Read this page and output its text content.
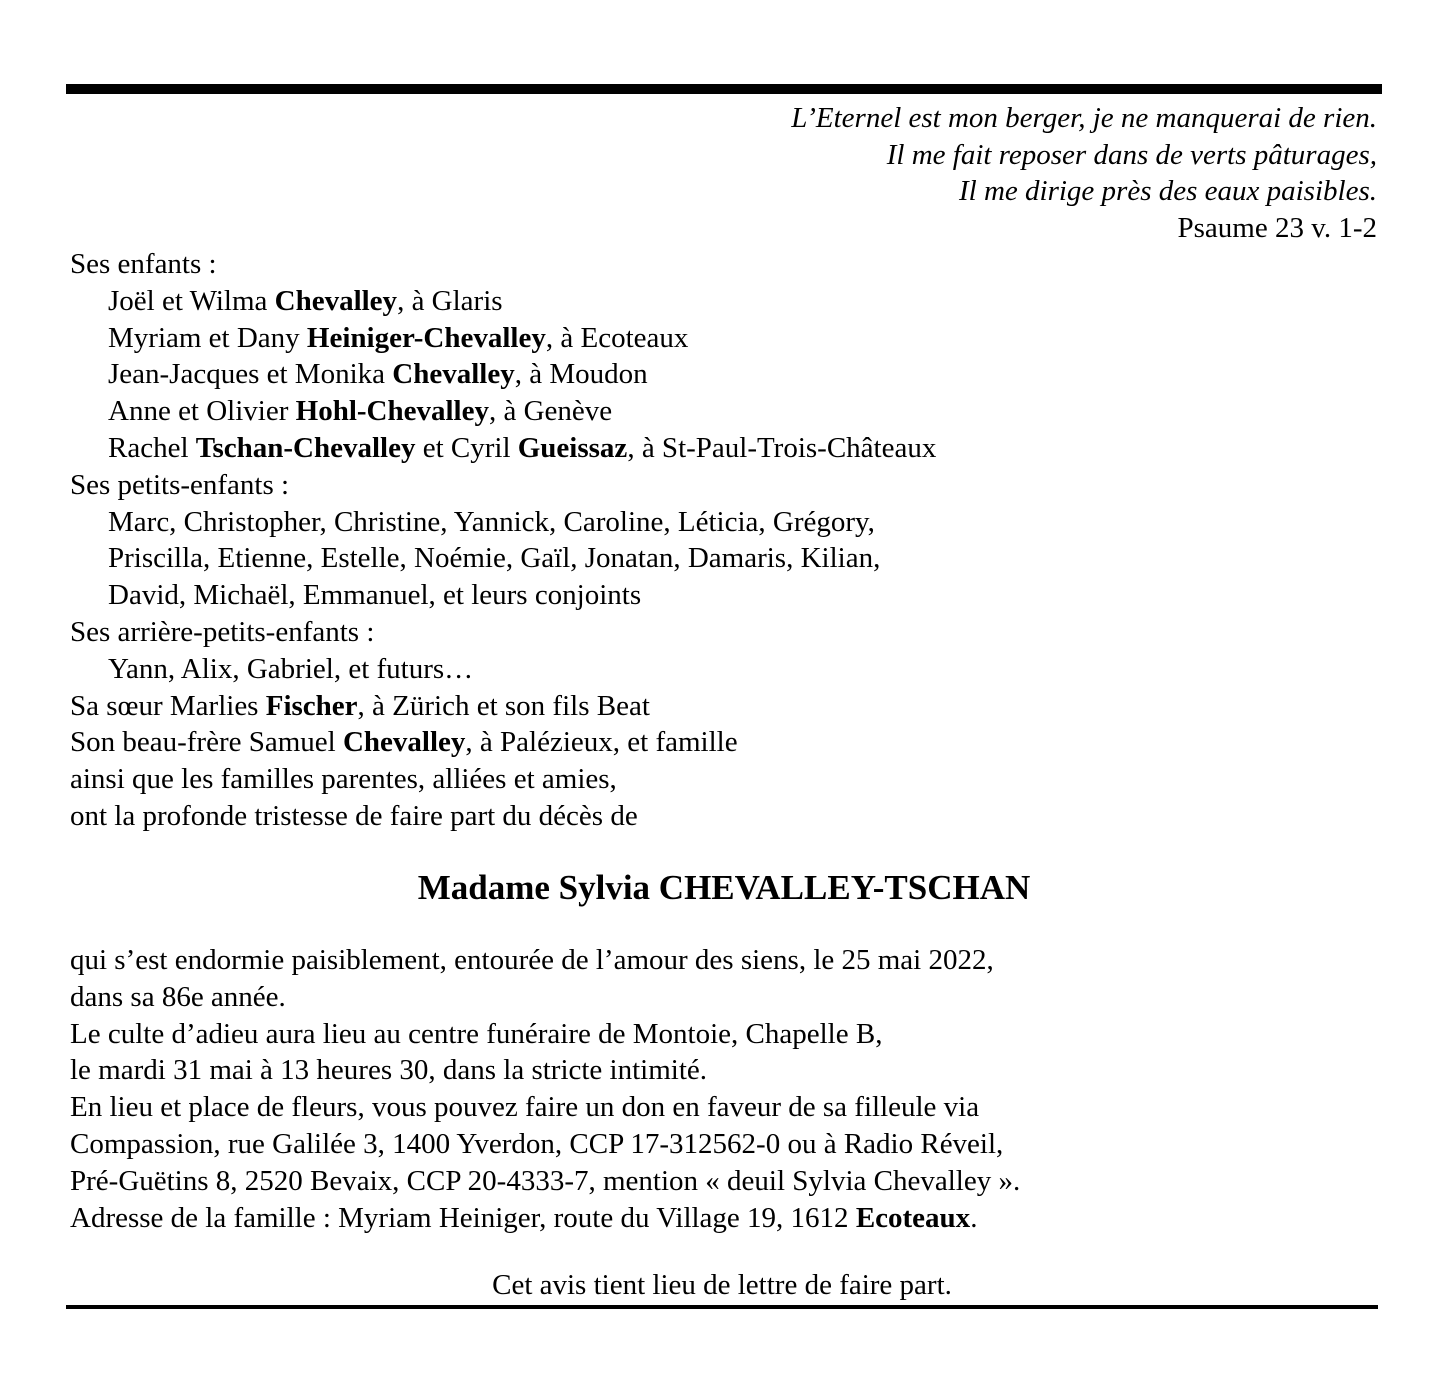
L’Eternel est mon berger, je ne manquerai de rien.
Il me fait reposer dans de verts pâturages,
Il me dirige près des eaux paisibles.
Psaume 23 v. 1-2
Ses enfants :
Joël et Wilma Chevalley, à Glaris
Myriam et Dany Heiniger-Chevalley, à Ecoteaux
Jean-Jacques et Monika Chevalley, à Moudon
Anne et Olivier Hohl-Chevalley, à Genève
Rachel Tschan-Chevalley et Cyril Gueissaz, à St-Paul-Trois-Châteaux
Ses petits-enfants :
Marc, Christopher, Christine, Yannick, Caroline, Léticia, Grégory,
Priscilla, Etienne, Estelle, Noémie, Gaïl, Jonatan, Damaris, Kilian,
David, Michaël, Emmanuel, et leurs conjoints
Ses arrière-petits-enfants :
Yann, Alix, Gabriel, et futurs…
Sa sœur Marlies Fischer, à Zürich et son fils Beat
Son beau-frère Samuel Chevalley, à Palézieux, et famille
ainsi que les familles parentes, alliées et amies,
ont la profonde tristesse de faire part du décès de
Madame Sylvia CHEVALLEY-TSCHAN
qui s’est endormie paisiblement, entourée de l’amour des siens, le 25 mai 2022,
dans sa 86e année.
Le culte d’adieu aura lieu au centre funéraire de Montoie, Chapelle B,
le mardi 31 mai à 13 heures 30, dans la stricte intimité.
En lieu et place de fleurs, vous pouvez faire un don en faveur de sa filleule via
Compassion, rue Galilée 3, 1400 Yverdon, CCP 17-312562-0 ou à Radio Réveil,
Pré-Guëtins 8, 2520 Bevaix, CCP 20-4333-7, mention « deuil Sylvia Chevalley ».
Adresse de la famille : Myriam Heiniger, route du Village 19, 1612 Ecoteaux.
Cet avis tient lieu de lettre de faire part.
